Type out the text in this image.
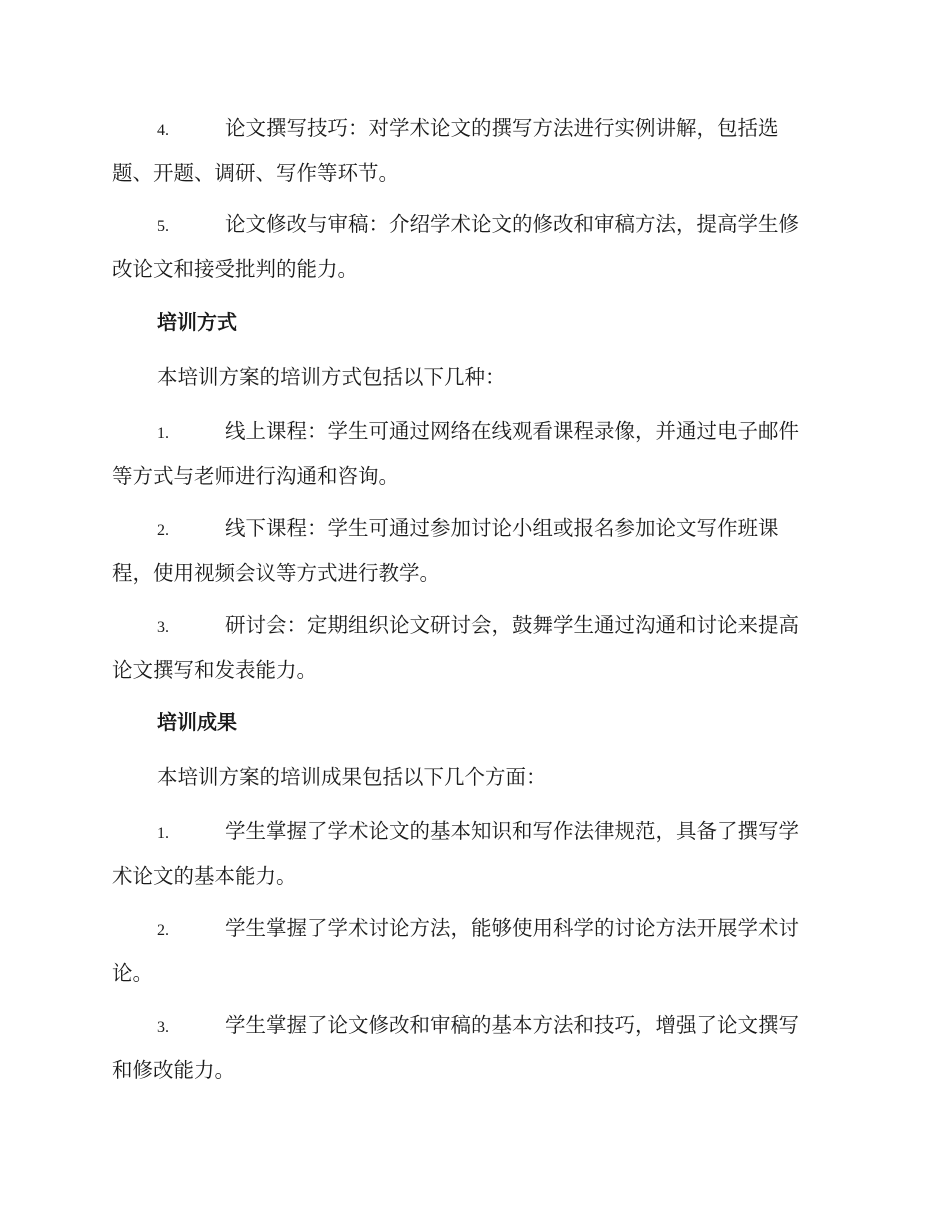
4.	论文撰写技巧：对学术论文的撰写方法进行实例讲解，包括选
题、开题、调研、写作等环节。
5.	论文修改与审稿：介绍学术论文的修改和审稿方法，提高学生修
改论文和接受批判的能力。
培训方式
本培训方案的培训方式包括以下几种：
1.	线上课程：学生可通过网络在线观看课程录像，并通过电子邮件
等方式与老师进行沟通和咨询。
2.	线下课程：学生可通过参加讨论小组或报名参加论文写作班课
程，使用视频会议等方式进行教学。
3.	研讨会：定期组织论文研讨会，鼓舞学生通过沟通和讨论来提高
论文撰写和发表能力。
培训成果
本培训方案的培训成果包括以下几个方面：
1.	学生掌握了学术论文的基本知识和写作法律规范，具备了撰写学
术论文的基本能力。
2.	学生掌握了学术讨论方法，能够使用科学的讨论方法开展学术讨
论。
3.	学生掌握了论文修改和审稿的基本方法和技巧，增强了论文撰写
和修改能力。
